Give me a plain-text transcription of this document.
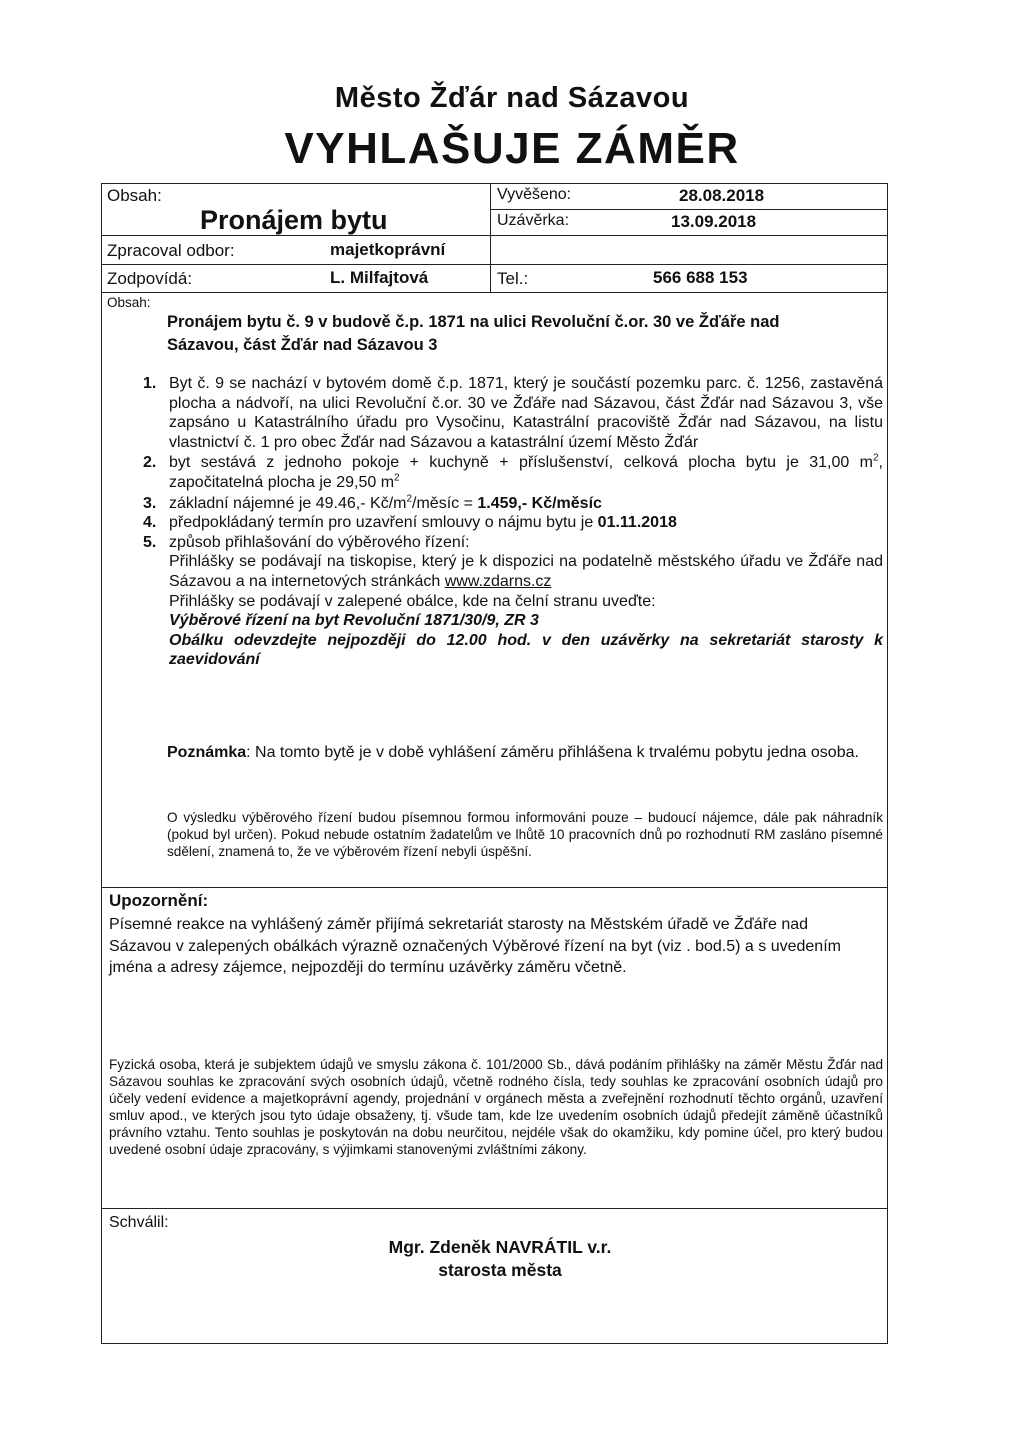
Město Žďár nad Sázavou
VYHLAŠUJE ZÁMĚR
Obsah:
Pronájem bytu
Vyvěšeno:	28.08.2018
Uzávěrka:	13.09.2018
Zpracoval odbor:	majetkoprávní
Zodpovídá:	L. Milfajtová	Tel.:	566 688 153
Obsah:
Pronájem bytu č. 9 v budově č.p. 1871 na ulici Revoluční č.or. 30 ve Žďáře nad
Sázavou, část Žďár nad Sázavou 3
1. Byt č. 9 se nachází v bytovém domě č.p. 1871, který je součástí pozemku parc. č. 1256, zastavěná plocha a nádvoří, na ulici Revoluční č.or. 30 ve Žďáře nad Sázavou, část Žďár nad Sázavou 3, vše zapsáno u Katastrálního úřadu pro Vysočinu, Katastrální pracoviště Žďár nad Sázavou, na listu vlastnictví č. 1 pro obec Žďár nad Sázavou a katastrální území Město Žďár
2. byt sestává z jednoho pokoje + kuchyně + příslušenství, celková plocha bytu je 31,00 $m^2$, započitatelná plocha je 29,50 $m^2$
3. základní nájemné je 49.46,- $Kč/m^2$/měsíc = 1.459,- Kč/měsíc
4. předpokládaný termín pro uzavření smlouvy o nájmu bytu je 01.11.2018
5. způsob přihlašování do výběrového řízení:

Přihlášky se podávají na tiskopise, který je k dispozici na podatelně městského úřadu ve Žďáře nad Sázavou a na internetových stránkách www.zdarns.cz

Přihlášky se podávají v zalepené obálce, kde na čelní stranu uveďte:

Výběrové řízení na byt Revoluční 1871/30/9, ZR 3

Obálku odevzdejte nejpozději do 12.00 hod. v den uzávěrky na sekretariát starosty k zaevidování

Poznámka: Na tomto bytě je v době vyhlášení záměru přihlášena k trvalému pobytu jedna osoba.
O výsledku výběrového řízení budou písemnou formou informováni pouze – budoucí nájemce, dále pak náhradník (pokud byl určen). Pokud nebude ostatním žadatelům ve lhůtě 10 pracovních dnů po rozhodnutí RM zasláno písemné sdělení, znamená to, že ve výběrovém řízení nebyli úspěšní.
Upozornění:
Písemné reakce na vyhlášený záměr přijímá sekretariát starosty na Městském úřadě ve Žďáře nad Sázavou v zalepených obálkách výrazně označených Výběrové řízení na byt (viz . bod.5) a s uvedením jména a adresy zájemce, nejpozději do termínu uzávěrky záměru včetně.
Fyzická osoba, která je subjektem údajů ve smyslu zákona č. 101/2000 Sb., dává podáním přihlášky na záměr Městu Žďár nad Sázavou souhlas ke zpracování svých osobních údajů, včetně rodného čísla, tedy souhlas ke zpracování osobních údajů pro účely vedení evidence a majetkoprávní agendy, projednání v orgánech města a zveřejnění rozhodnutí těchto orgánů, uzavření smluv apod., ve kterých jsou tyto údaje obsaženy, tj. všude tam, kde lze uvedením osobních údajů předejít záměně účastníků právního vztahu. Tento souhlas je poskytován na dobu neurčitou, nejdéle však do okamžiku, kdy pomine účel, pro který budou uvedené osobní údaje zpracovány, s výjimkami stanovenými zvláštními zákony.
Schválil:
Mgr. Zdeněk NAVRÁTIL v.r.
starosta města
